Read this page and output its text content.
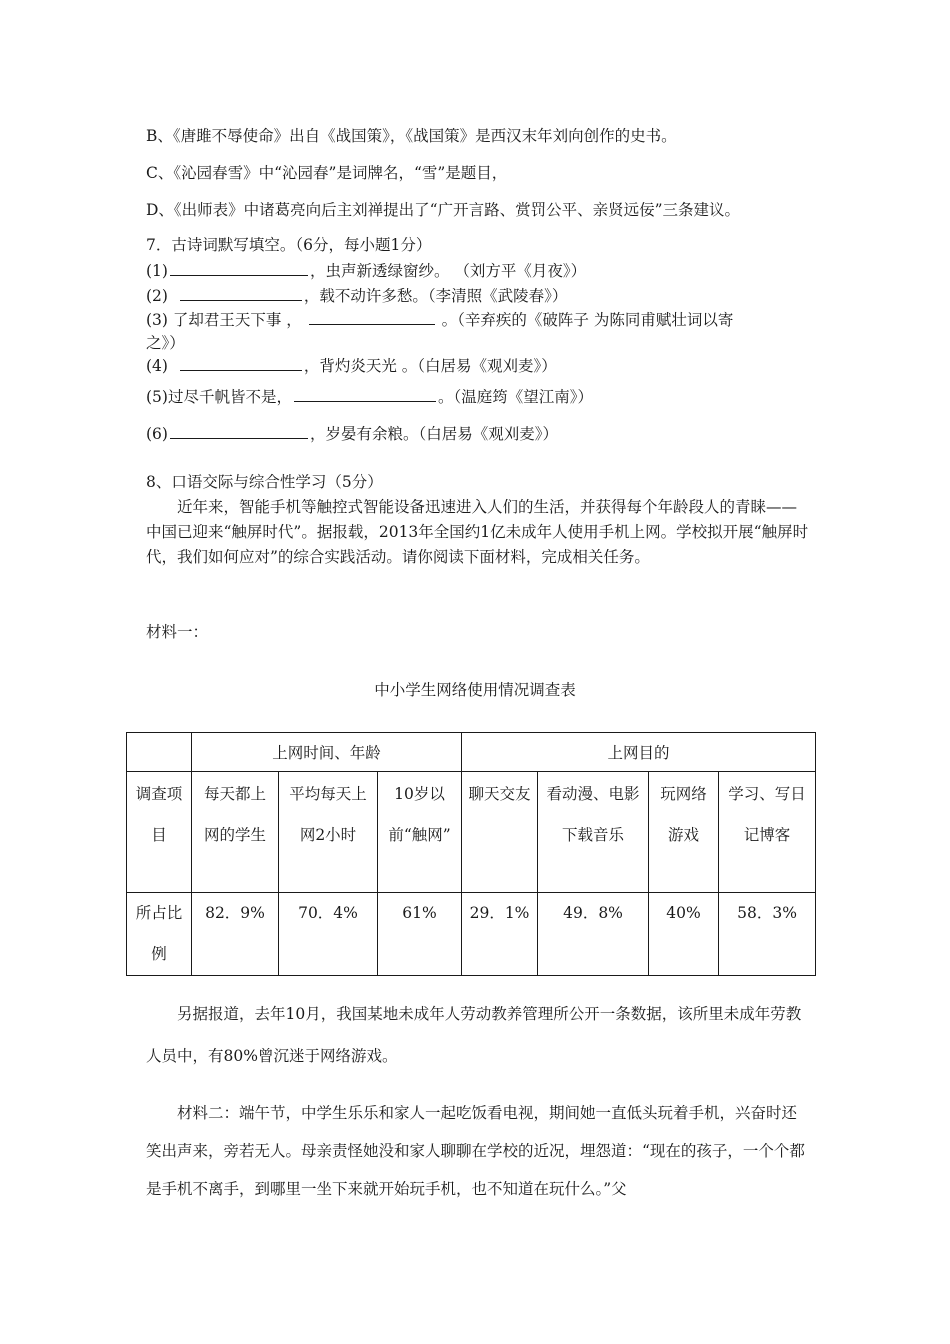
B、《唐雎不辱使命》出自《战国策》，《战国策》是西汉末年刘向创作的史书。
C、《沁园春雪》中“沁园春”是词牌名，“雪”是题目，
D、《出师表》中诸葛亮向后主刘禅提出了“广开言路、赏罚公平、亲贤远佞”三条建议。
7．古诗词默写填空。（6分，每小题1分）
(1)	，虫声新透绿窗纱。 （刘方平《月夜》）
(2)	，载不动许多愁。（李清照《武陵春》）
(3) 了却君王天下事 ，	。（辛弃疾的《破阵子 为陈同甫赋壮词以寄
之》）
(4)	，背灼炎天光 。（白居易《观刈麦》）
(5)过尽千帆皆不是，	。（温庭筠《望江南》）
(6)	，岁晏有余粮。（白居易《观刈麦》）
8、口语交际与综合性学习（5分）
近年来，智能手机等触控式智能设备迅速进入人们的生活，并获得每个年龄段人的青睐——中国已迎来“触屏时代”。据报载，2013年全国约1亿未成年人使用手机上网。学校拟开展“触屏时代，我们如何应对”的综合实践活动。请你阅读下面材料，完成相关任务。
材料一：
中小学生网络使用情况调查表
	上网时间、年龄			上网目的			

调查项目	每天都上网的学生	平均每天上网2小时	10岁以前“触网”	聊天交友	看动漫、电影下载音乐	玩网络游戏	学习、写日记博客

所占比例	82．9%	70．4%	61%	29．1%	49．8%	40%	58．3%
另据报道，去年10月，我国某地未成年人劳动教养管理所公开一条数据，该所里未成年劳教人员中，有80%曾沉迷于网络游戏。
材料二：端午节，中学生乐乐和家人一起吃饭看电视，期间她一直低头玩着手机，兴奋时还笑出声来，旁若无人。母亲责怪她没和家人聊聊在学校的近况，埋怨道：“现在的孩子，一个个都是手机不离手，到哪里一坐下来就开始玩手机，也不知道在玩什么。”父
